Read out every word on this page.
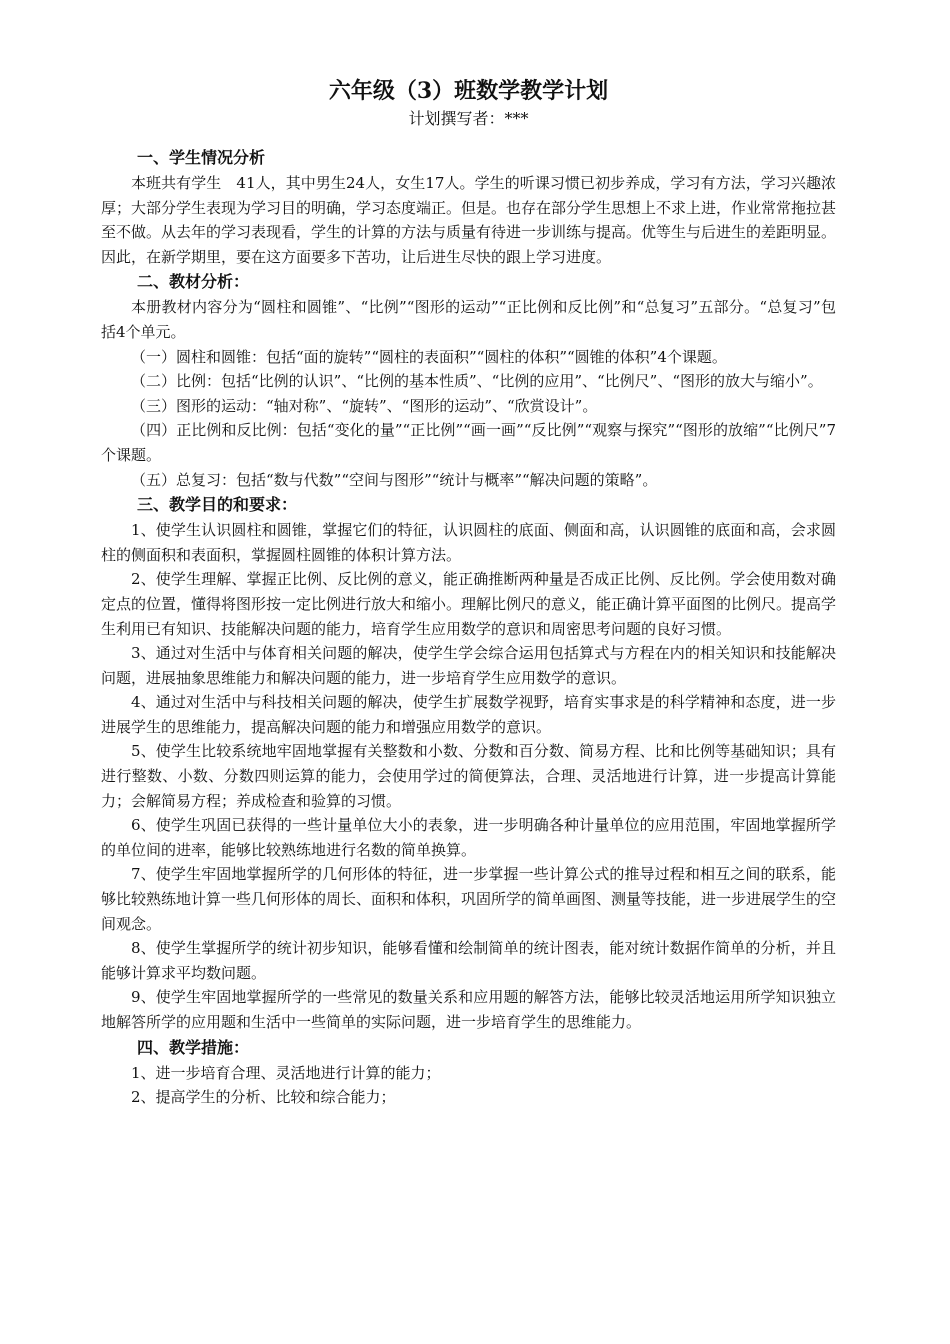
六年级（3）班数学教学计划

计划撰写者：***

一、学生情况分析

本班共有学生　41人，其中男生24人，女生17人。学生的听课习惯已初步养成，学习有方法，学习兴趣浓厚；大部分学生表现为学习目的明确，学习态度端正。但是。也存在部分学生思想上不求上进，作业常常拖拉甚至不做。从去年的学习表现看，学生的计算的方法与质量有待进一步训练与提高。优等生与后进生的差距明显。因此，在新学期里，要在这方面要多下苦功，让后进生尽快的跟上学习进度。

二、教材分析：

本册教材内容分为“圆柱和圆锥”、“比例”“图形的运动”“正比例和反比例”和“总复习”五部分。“总复习”包括4个单元。

（一）圆柱和圆锥：包括“面的旋转”“圆柱的表面积”“圆柱的体积”“圆锥的体积”4个课题。

（二）比例：包括“比例的认识”、“比例的基本性质”、“比例的应用”、“比例尺”、“图形的放大与缩小”。

（三）图形的运动：“轴对称”、“旋转”、“图形的运动”、“欣赏设计”。

（四）正比例和反比例：包括“变化的量”“正比例”“画一画”“反比例”“观察与探究”“图形的放缩”“比例尺”7个课题。

（五）总复习：包括“数与代数”“空间与图形”“统计与概率”“解决问题的策略”。

三、教学目的和要求：

1、使学生认识圆柱和圆锥，掌握它们的特征，认识圆柱的底面、侧面和高，认识圆锥的底面和高，会求圆柱的侧面积和表面积，掌握圆柱圆锥的体积计算方法。

2、使学生理解、掌握正比例、反比例的意义，能正确推断两种量是否成正比例、反比例。学会使用数对确定点的位置，懂得将图形按一定比例进行放大和缩小。理解比例尺的意义，能正确计算平面图的比例尺。提高学生利用已有知识、技能解决问题的能力，培育学生应用数学的意识和周密思考问题的良好习惯。

3、通过对生活中与体育相关问题的解决，使学生学会综合运用包括算式与方程在内的相关知识和技能解决问题，进展抽象思维能力和解决问题的能力，进一步培育学生应用数学的意识。

4、通过对生活中与科技相关问题的解决，使学生扩展数学视野，培育实事求是的科学精神和态度，进一步进展学生的思维能力，提高解决问题的能力和增强应用数学的意识。

5、使学生比较系统地牢固地掌握有关整数和小数、分数和百分数、简易方程、比和比例等基础知识；具有进行整数、小数、分数四则运算的能力，会使用学过的简便算法，合理、灵活地进行计算，进一步提高计算能力；会解简易方程；养成检查和验算的习惯。

6、使学生巩固已获得的一些计量单位大小的表象，进一步明确各种计量单位的应用范围，牢固地掌握所学的单位间的进率，能够比较熟练地进行名数的简单换算。

7、使学生牢固地掌握所学的几何形体的特征，进一步掌握一些计算公式的推导过程和相互之间的联系，能够比较熟练地计算一些几何形体的周长、面积和体积，巩固所学的简单画图、测量等技能，进一步进展学生的空间观念。

8、使学生掌握所学的统计初步知识，能够看懂和绘制简单的统计图表，能对统计数据作简单的分析，并且能够计算求平均数问题。

9、使学生牢固地掌握所学的一些常见的数量关系和应用题的解答方法，能够比较灵活地运用所学知识独立地解答所学的应用题和生活中一些简单的实际问题，进一步培育学生的思维能力。

四、教学措施：

1、进一步培育合理、灵活地进行计算的能力；

2、提高学生的分析、比较和综合能力；
